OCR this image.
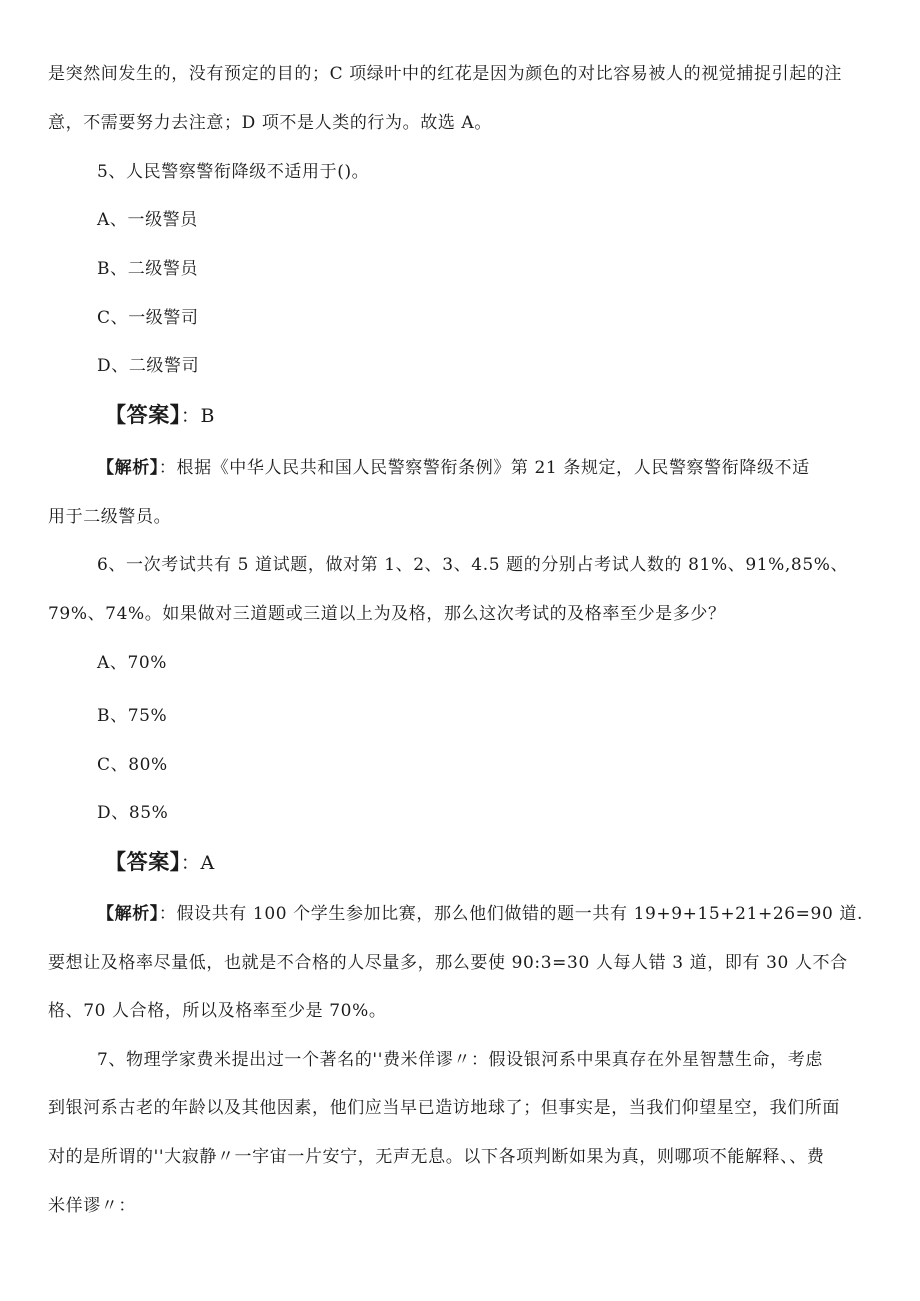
是突然间发生的，没有预定的目的；C 项绿叶中的红花是因为颜色的对比容易被人的视觉捕捉引起的注
意，不需要努力去注意；D 项不是人类的行为。故选 A。
5、人民警察警衔降级不适用于()。
A、一级警员
B、二级警员
C、一级警司
D、二级警司
【答案】：B
【解析】：根据《中华人民共和国人民警察警衔条例》第 21 条规定，人民警察警衔降级不适
用于二级警员。
6、一次考试共有 5 道试题，做对第 1、2、3、4.5 题的分别占考试人数的 81%、91%,85%、
79%、74%。如果做对三道题或三道以上为及格，那么这次考试的及格率至少是多少？
A、70%
B、75%
C、80%
D、85%
【答案】：A
【解析】：假设共有 100 个学生参加比赛，那么他们做错的题一共有 19+9+15+21+26=90 道.
要想让及格率尽量低，也就是不合格的人尽量多，那么要使 90:3=30 人每人错 3 道，即有 30 人不合
格、70 人合格，所以及格率至少是 70%。
7、物理学家费米提出过一个著名的''费米佯谬〃：假设银河系中果真存在外星智慧生命，考虑
到银河系古老的年龄以及其他因素，他们应当早已造访地球了；但事实是，当我们仰望星空，我们所面
对的是所谓的''大寂静〃一宇宙一片安宁，无声无息。以下各项判断如果为真，则哪项不能解释、、费
米佯谬〃：
